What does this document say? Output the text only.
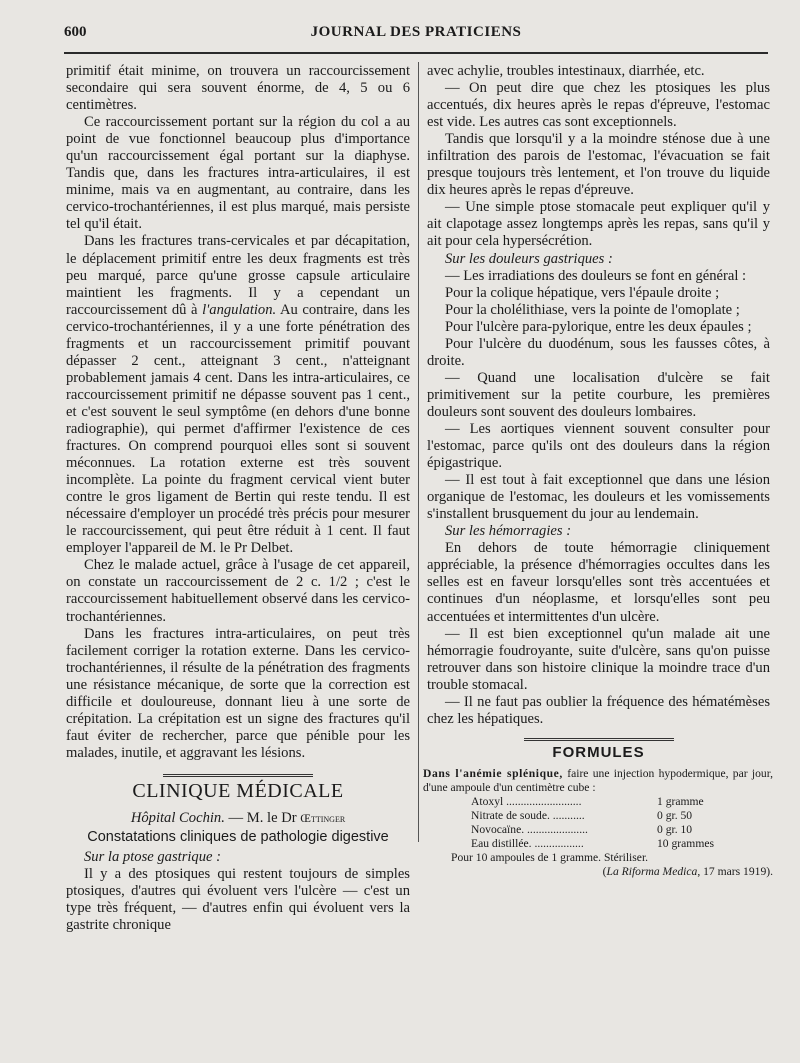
600	JOURNAL DES PRATICIENS

primitif était minime, on trouvera un raccourcissement secondaire qui sera souvent énorme, de 4, 5 ou 6 centimètres.

Ce raccourcissement portant sur la région du col a au point de vue fonctionnel beaucoup plus d'importance qu'un raccourcissement égal portant sur la diaphyse. Tandis que, dans les fractures intra-articulaires, il est minime, mais va en augmentant, au contraire, dans les cervico-trochantériennes, il est plus marqué, mais persiste tel qu'il était.

Dans les fractures trans-cervicales et par décapitation, le déplacement primitif entre les deux fragments est très peu marqué, parce qu'une grosse capsule articulaire maintient les fragments. Il y a cependant un raccourcissement dû à l'angulation. Au contraire, dans les cervico-trochantériennes, il y a une forte pénétration des fragments et un raccourcissement primitif pouvant dépasser 2 cent., atteignant 3 cent., n'atteignant probablement jamais 4 cent. Dans les intra-articulaires, ce raccourcissement primitif ne dépasse souvent pas 1 cent., et c'est souvent le seul symptôme (en dehors d'une bonne radiographie), qui permet d'affirmer l'existence de ces fractures. On comprend pourquoi elles sont si souvent méconnues. La rotation externe est très souvent incomplète. La pointe du fragment cervical vient buter contre le gros ligament de Bertin qui reste tendu. Il est nécessaire d'employer un procédé très précis pour mesurer le raccourcissement, qui peut être réduit à 1 cent. Il faut employer l'appareil de M. le Pr Delbet.

Chez le malade actuel, grâce à l'usage de cet appareil, on constate un raccourcissement de 2 c. 1/2 ; c'est le raccourcissement habituellement observé dans les cervico-trochantériennes.

Dans les fractures intra-articulaires, on peut très facilement corriger la rotation externe. Dans les cervico-trochantériennes, il résulte de la pénétration des fragments une résistance mécanique, de sorte que la correction est difficile et douloureuse, donnant lieu à une sorte de crépitation. La crépitation est un signe des fractures qu'il faut éviter de rechercher, parce que pénible pour les malades, inutile, et aggravant les lésions.

CLINIQUE MÉDICALE

Hôpital Cochin. — M. le Dr Œttinger

Constatations cliniques de pathologie digestive

Sur la ptose gastrique :

Il y a des ptosiques qui restent toujours de simples ptosiques, d'autres qui évoluent vers l'ulcère — c'est un type très fréquent, — d'autres enfin qui évoluent vers la gastrite chronique

avec achylie, troubles intestinaux, diarrhée, etc.

— On peut dire que chez les ptosiques les plus accentués, dix heures après le repas d'épreuve, l'estomac est vide. Les autres cas sont exceptionnels.

Tandis que lorsqu'il y a la moindre sténose due à une infiltration des parois de l'estomac, l'évacuation se fait presque toujours très lentement, et l'on trouve du liquide dix heures après le repas d'épreuve.

— Une simple ptose stomacale peut expliquer qu'il y ait clapotage assez longtemps après les repas, sans qu'il y ait pour cela hypersécrétion.

Sur les douleurs gastriques :

— Les irradiations des douleurs se font en général :

Pour la colique hépatique, vers l'épaule droite ;

Pour la cholélithiase, vers la pointe de l'omoplate ;

Pour l'ulcère para-pylorique, entre les deux épaules ;

Pour l'ulcère du duodénum, sous les fausses côtes, à droite.

— Quand une localisation d'ulcère se fait primitivement sur la petite courbure, les premières douleurs sont souvent des douleurs lombaires.

— Les aortiques viennent souvent consulter pour l'estomac, parce qu'ils ont des douleurs dans la région épigastrique.

— Il est tout à fait exceptionnel que dans une lésion organique de l'estomac, les douleurs et les vomissements s'installent brusquement du jour au lendemain.

Sur les hémorragies :

En dehors de toute hémorragie cliniquement appréciable, la présence d'hémorragies occultes dans les selles est en faveur lorsqu'elles sont très accentuées et continues d'un néoplasme, et lorsqu'elles sont peu accentuées et intermittentes d'un ulcère.

— Il est bien exceptionnel qu'un malade ait une hémorragie foudroyante, suite d'ulcère, sans qu'on puisse retrouver dans son histoire clinique la moindre trace d'un trouble stomacal.

— Il ne faut pas oublier la fréquence des hématémèses chez les hépatiques.

FORMULES

Dans l'anémie splénique, faire une injection hypodermique, par jour, d'une ampoule d'un centimètre cube :

Atoxyl ..........................	1 gramme
Nitrate de soude. ...........	0 gr. 50
Novocaïne. .....................	0 gr. 10
Eau distillée. .................	10 grammes

Pour 10 ampoules de 1 gramme. Stériliser.

(La Riforma Medica, 17 mars 1919).
